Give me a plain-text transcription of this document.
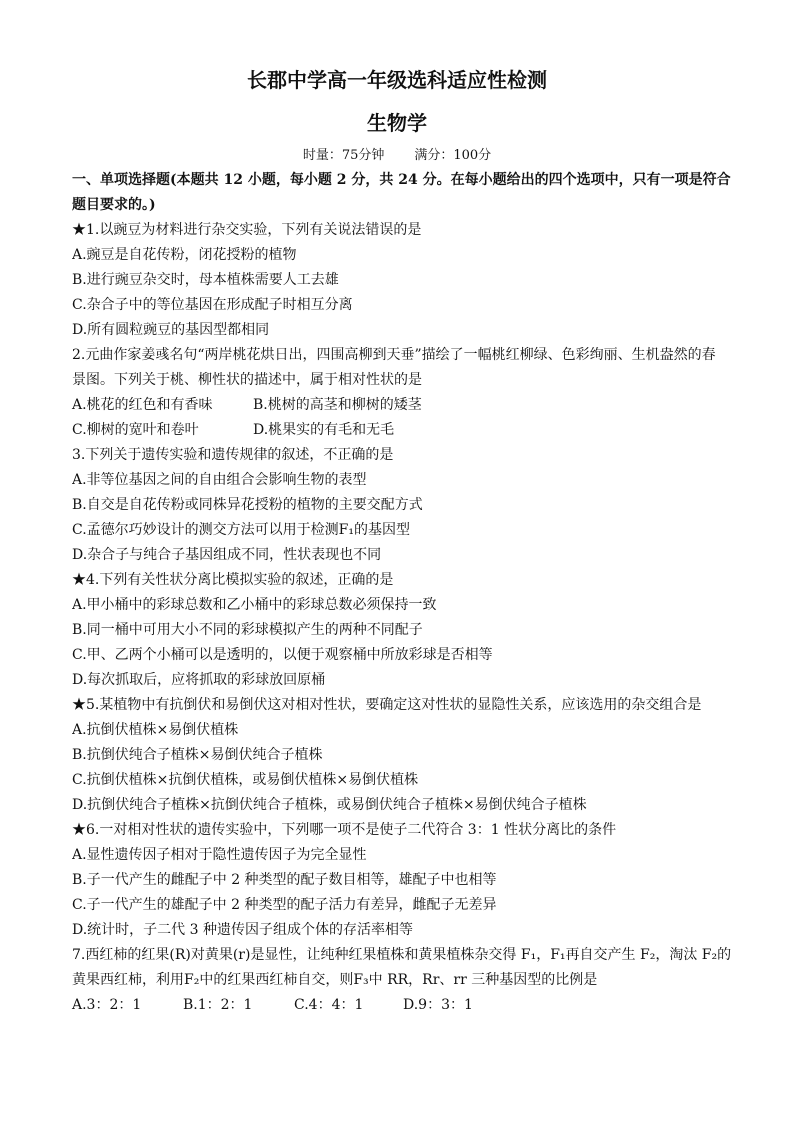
长郡中学高一年级选科适应性检测
生物学
时量：75分钟 满分：100分
一、单项选择题(本题共 12 小题，每小题 2 分，共 24 分。在每小题给出的四个选项中，只有一项是符合
题目要求的。)
★1.以豌豆为材料进行杂交实验，下列有关说法错误的是
A.豌豆是自花传粉，闭花授粉的植物
B.进行豌豆杂交时，母本植株需要人工去雄
C.杂合子中的等位基因在形成配子时相互分离
D.所有圆粒豌豆的基因型都相同
2.元曲作家姜彧名句“两岸桃花烘日出，四围高柳到天垂”描绘了一幅桃红柳绿、色彩绚丽、生机盎然的春
景图。下列关于桃、柳性状的描述中，属于相对性状的是
A.桃花的红色和有香味	B.桃树的高茎和柳树的矮茎
C.柳树的宽叶和卷叶	D.桃果实的有毛和无毛
3.下列关于遗传实验和遗传规律的叙述，不正确的是
A.非等位基因之间的自由组合会影响生物的表型
B.自交是自花传粉或同株异花授粉的植物的主要交配方式
C.孟德尔巧妙设计的测交方法可以用于检测F₁的基因型
D.杂合子与纯合子基因组成不同，性状表现也不同
★4.下列有关性状分离比模拟实验的叙述，正确的是
A.甲小桶中的彩球总数和乙小桶中的彩球总数必须保持一致
B.同一桶中可用大小不同的彩球模拟产生的两种不同配子
C.甲、乙两个小桶可以是透明的，以便于观察桶中所放彩球是否相等
D.每次抓取后，应将抓取的彩球放回原桶
★5.某植物中有抗倒伏和易倒伏这对相对性状，要确定这对性状的显隐性关系，应该选用的杂交组合是
A.抗倒伏植株×易倒伏植株
B.抗倒伏纯合子植株×易倒伏纯合子植株
C.抗倒伏植株×抗倒伏植株，或易倒伏植株×易倒伏植株
D.抗倒伏纯合子植株×抗倒伏纯合子植株，或易倒伏纯合子植株×易倒伏纯合子植株
★6.一对相对性状的遗传实验中，下列哪一项不是使子二代符合 3：1 性状分离比的条件
A.显性遗传因子相对于隐性遗传因子为完全显性
B.子一代产生的雌配子中 2 种类型的配子数目相等，雄配子中也相等
C.子一代产生的雄配子中 2 种类型的配子活力有差异，雌配子无差异
D.统计时，子二代 3 种遗传因子组成个体的存活率相等
7.西红柿的红果(R)对黄果(r)是显性，让纯种红果植株和黄果植株杂交得 F₁，F₁再自交产生 F₂，淘汰 F₂的
黄果西红柿，利用F₂中的红果西红柿自交，则F₃中 RR，Rr、rr 三种基因型的比例是
A.3：2：1	B.1：2：1	C.4：4：1	D.9：3：1
